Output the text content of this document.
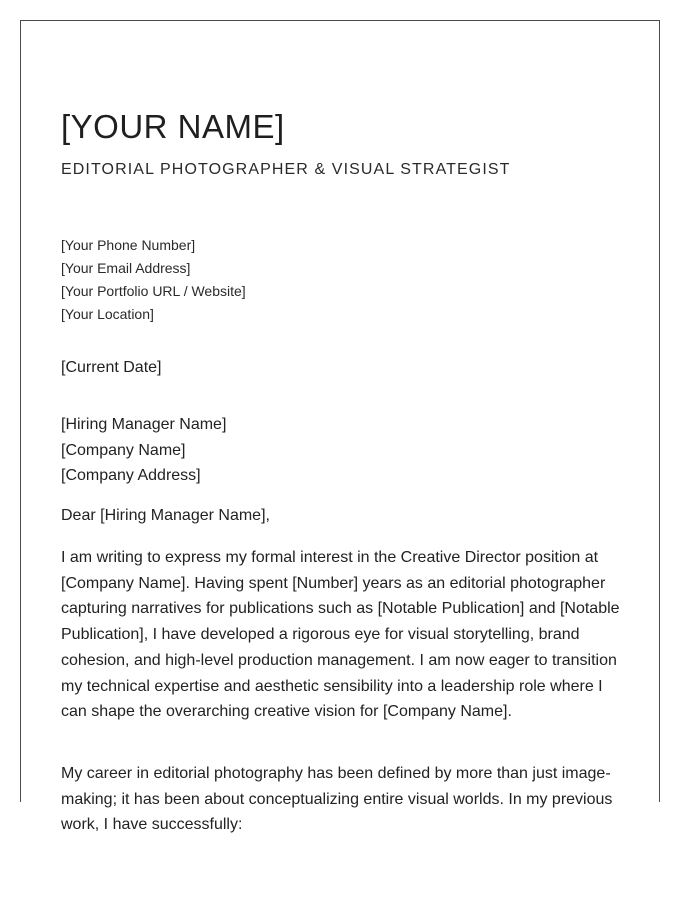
[YOUR NAME]
EDITORIAL PHOTOGRAPHER & VISUAL STRATEGIST
[Your Phone Number]
[Your Email Address]
[Your Portfolio URL / Website]
[Your Location]
[Current Date]
[Hiring Manager Name]
[Company Name]
[Company Address]
Dear [Hiring Manager Name],

I am writing to express my formal interest in the Creative Director position at [Company Name]. Having spent [Number] years as an editorial photographer capturing narratives for publications such as [Notable Publication] and [Notable Publication], I have developed a rigorous eye for visual storytelling, brand cohesion, and high-level production management. I am now eager to transition my technical expertise and aesthetic sensibility into a leadership role where I can shape the overarching creative vision for [Company Name].

My career in editorial photography has been defined by more than just image-making; it has been about conceptualizing entire visual worlds. In my previous work, I have successfully:
